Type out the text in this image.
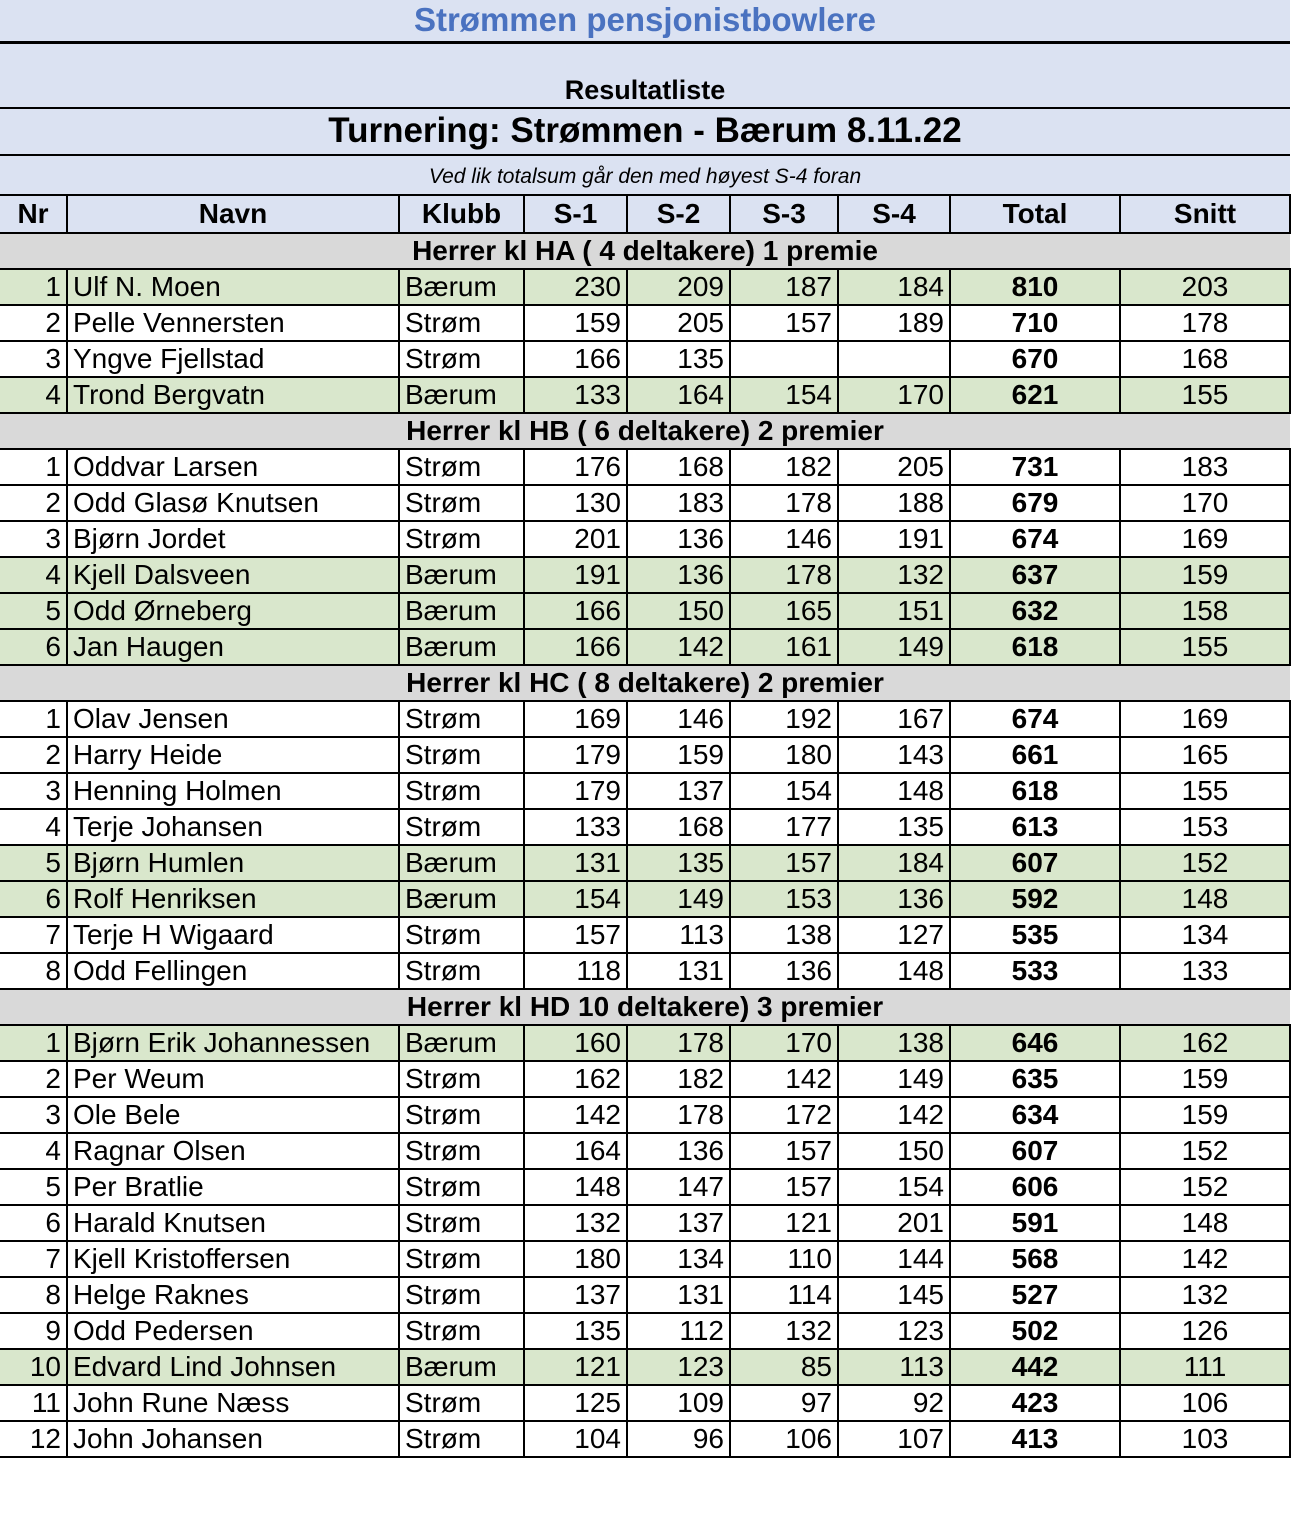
Strømmen pensjonistbowlere
Resultatliste
Turnering: Strømmen - Bærum 8.11.22
Ved lik totalsum går den med høyest S-4 foran
Nr	Navn	Klubb	S-1	S-2	S-3	S-4	Total	Snitt
Herrer kl HA ( 4 deltakere) 1 premie								
1	Ulf N. Moen	Bærum	230	209	187	184	810	203
2	Pelle Vennersten	Strøm	159	205	157	189	710	178
3	Yngve Fjellstad	Strøm	166	135			670	168
4	Trond Bergvatn	Bærum	133	164	154	170	621	155
Herrer kl HB ( 6 deltakere) 2 premier								
1	Oddvar Larsen	Strøm	176	168	182	205	731	183
2	Odd Glasø Knutsen	Strøm	130	183	178	188	679	170
3	Bjørn Jordet	Strøm	201	136	146	191	674	169
4	Kjell Dalsveen	Bærum	191	136	178	132	637	159
5	Odd Ørneberg	Bærum	166	150	165	151	632	158
6	Jan Haugen	Bærum	166	142	161	149	618	155
Herrer kl HC ( 8 deltakere) 2 premier								
1	Olav Jensen	Strøm	169	146	192	167	674	169
2	Harry Heide	Strøm	179	159	180	143	661	165
3	Henning Holmen	Strøm	179	137	154	148	618	155
4	Terje Johansen	Strøm	133	168	177	135	613	153
5	Bjørn Humlen	Bærum	131	135	157	184	607	152
6	Rolf Henriksen	Bærum	154	149	153	136	592	148
7	Terje H Wigaard	Strøm	157	113	138	127	535	134
8	Odd Fellingen	Strøm	118	131	136	148	533	133
Herrer kl HD 10 deltakere) 3 premier								
1	Bjørn Erik Johannessen	Bærum	160	178	170	138	646	162
2	Per Weum	Strøm	162	182	142	149	635	159
3	Ole Bele	Strøm	142	178	172	142	634	159
4	Ragnar Olsen	Strøm	164	136	157	150	607	152
5	Per Bratlie	Strøm	148	147	157	154	606	152
6	Harald Knutsen	Strøm	132	137	121	201	591	148
7	Kjell Kristoffersen	Strøm	180	134	110	144	568	142
8	Helge Raknes	Strøm	137	131	114	145	527	132
9	Odd Pedersen	Strøm	135	112	132	123	502	126
10	Edvard Lind Johnsen	Bærum	121	123	85	113	442	111
11	John Rune Næss	Strøm	125	109	97	92	423	106
12	John Johansen	Strøm	104	96	106	107	413	103
